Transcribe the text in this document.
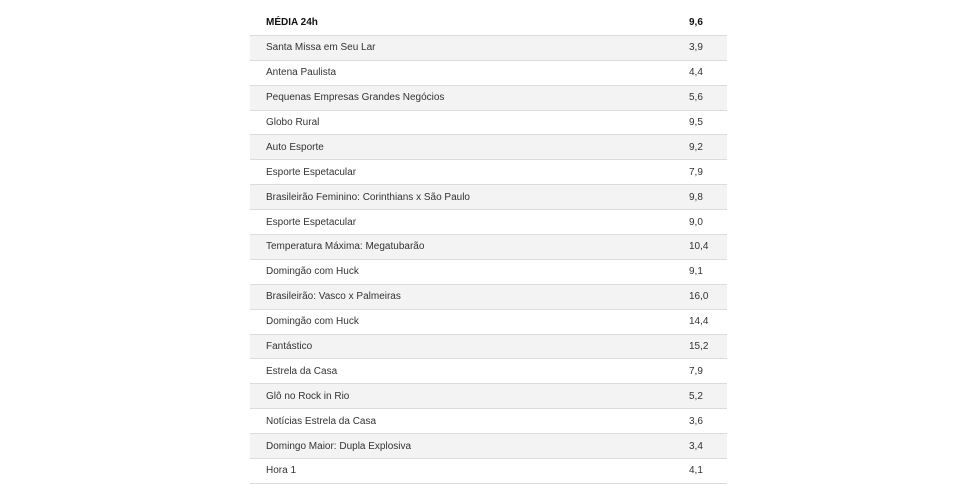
MÉDIA 24h	9,6
Santa Missa em Seu Lar	3,9
Antena Paulista	4,4
Pequenas Empresas Grandes Negócios	5,6
Globo Rural	9,5
Auto Esporte	9,2
Esporte Espetacular	7,9
Brasileirão Feminino: Corinthians x São Paulo	9,8
Esporte Espetacular	9,0
Temperatura Máxima: Megatubarão	10,4
Domingão com Huck	9,1
Brasileirão: Vasco x Palmeiras	16,0
Domingão com Huck	14,4
Fantástico	15,2
Estrela da Casa	7,9
Glô no Rock in Rio	5,2
Notícias Estrela da Casa	3,6
Domingo Maior: Dupla Explosiva	3,4
Hora 1	4,1
